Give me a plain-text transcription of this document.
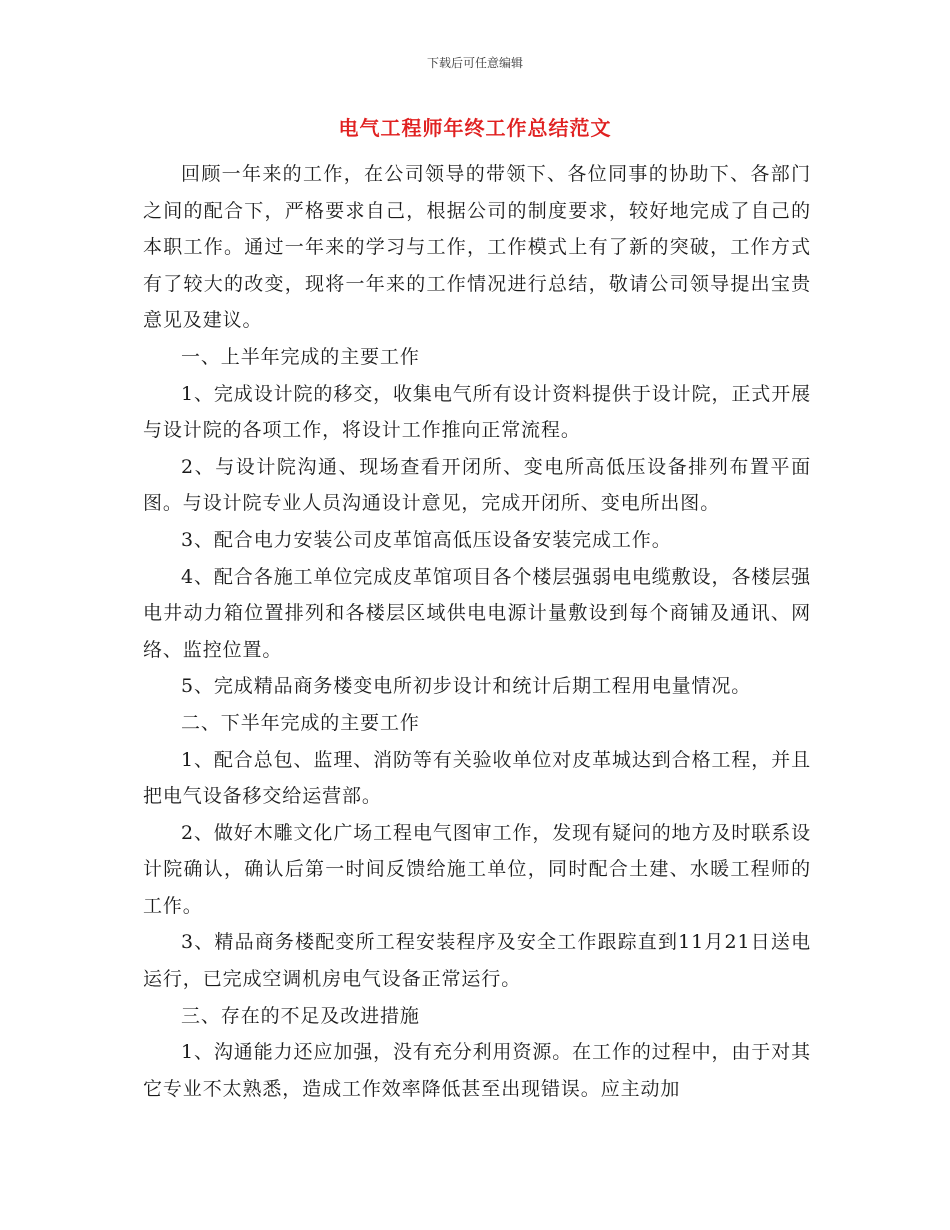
下载后可任意编辑
电气工程师年终工作总结范文

回顾一年来的工作，在公司领导的带领下、各位同事的协助下、各部门之间的配合下，严格要求自己，根据公司的制度要求，较好地完成了自己的本职工作。通过一年来的学习与工作，工作模式上有了新的突破，工作方式有了较大的改变，现将一年来的工作情况进行总结，敬请公司领导提出宝贵意见及建议。

一、上半年完成的主要工作

1、完成设计院的移交，收集电气所有设计资料提供于设计院，正式开展与设计院的各项工作，将设计工作推向正常流程。

2、与设计院沟通、现场查看开闭所、变电所高低压设备排列布置平面图。与设计院专业人员沟通设计意见，完成开闭所、变电所出图。

3、配合电力安装公司皮革馆高低压设备安装完成工作。

4、配合各施工单位完成皮革馆项目各个楼层强弱电电缆敷设，各楼层强电井动力箱位置排列和各楼层区域供电电源计量敷设到每个商铺及通讯、网络、监控位置。

5、完成精品商务楼变电所初步设计和统计后期工程用电量情况。

二、下半年完成的主要工作

1、配合总包、监理、消防等有关验收单位对皮革城达到合格工程，并且把电气设备移交给运营部。

2、做好木雕文化广场工程电气图审工作，发现有疑问的地方及时联系设计院确认，确认后第一时间反馈给施工单位，同时配合土建、水暖工程师的工作。

3、精品商务楼配变所工程安装程序及安全工作跟踪直到11月21日送电运行，已完成空调机房电气设备正常运行。

三、存在的不足及改进措施

1、沟通能力还应加强，没有充分利用资源。在工作的过程中，由于对其它专业不太熟悉，造成工作效率降低甚至出现错误。应主动加
